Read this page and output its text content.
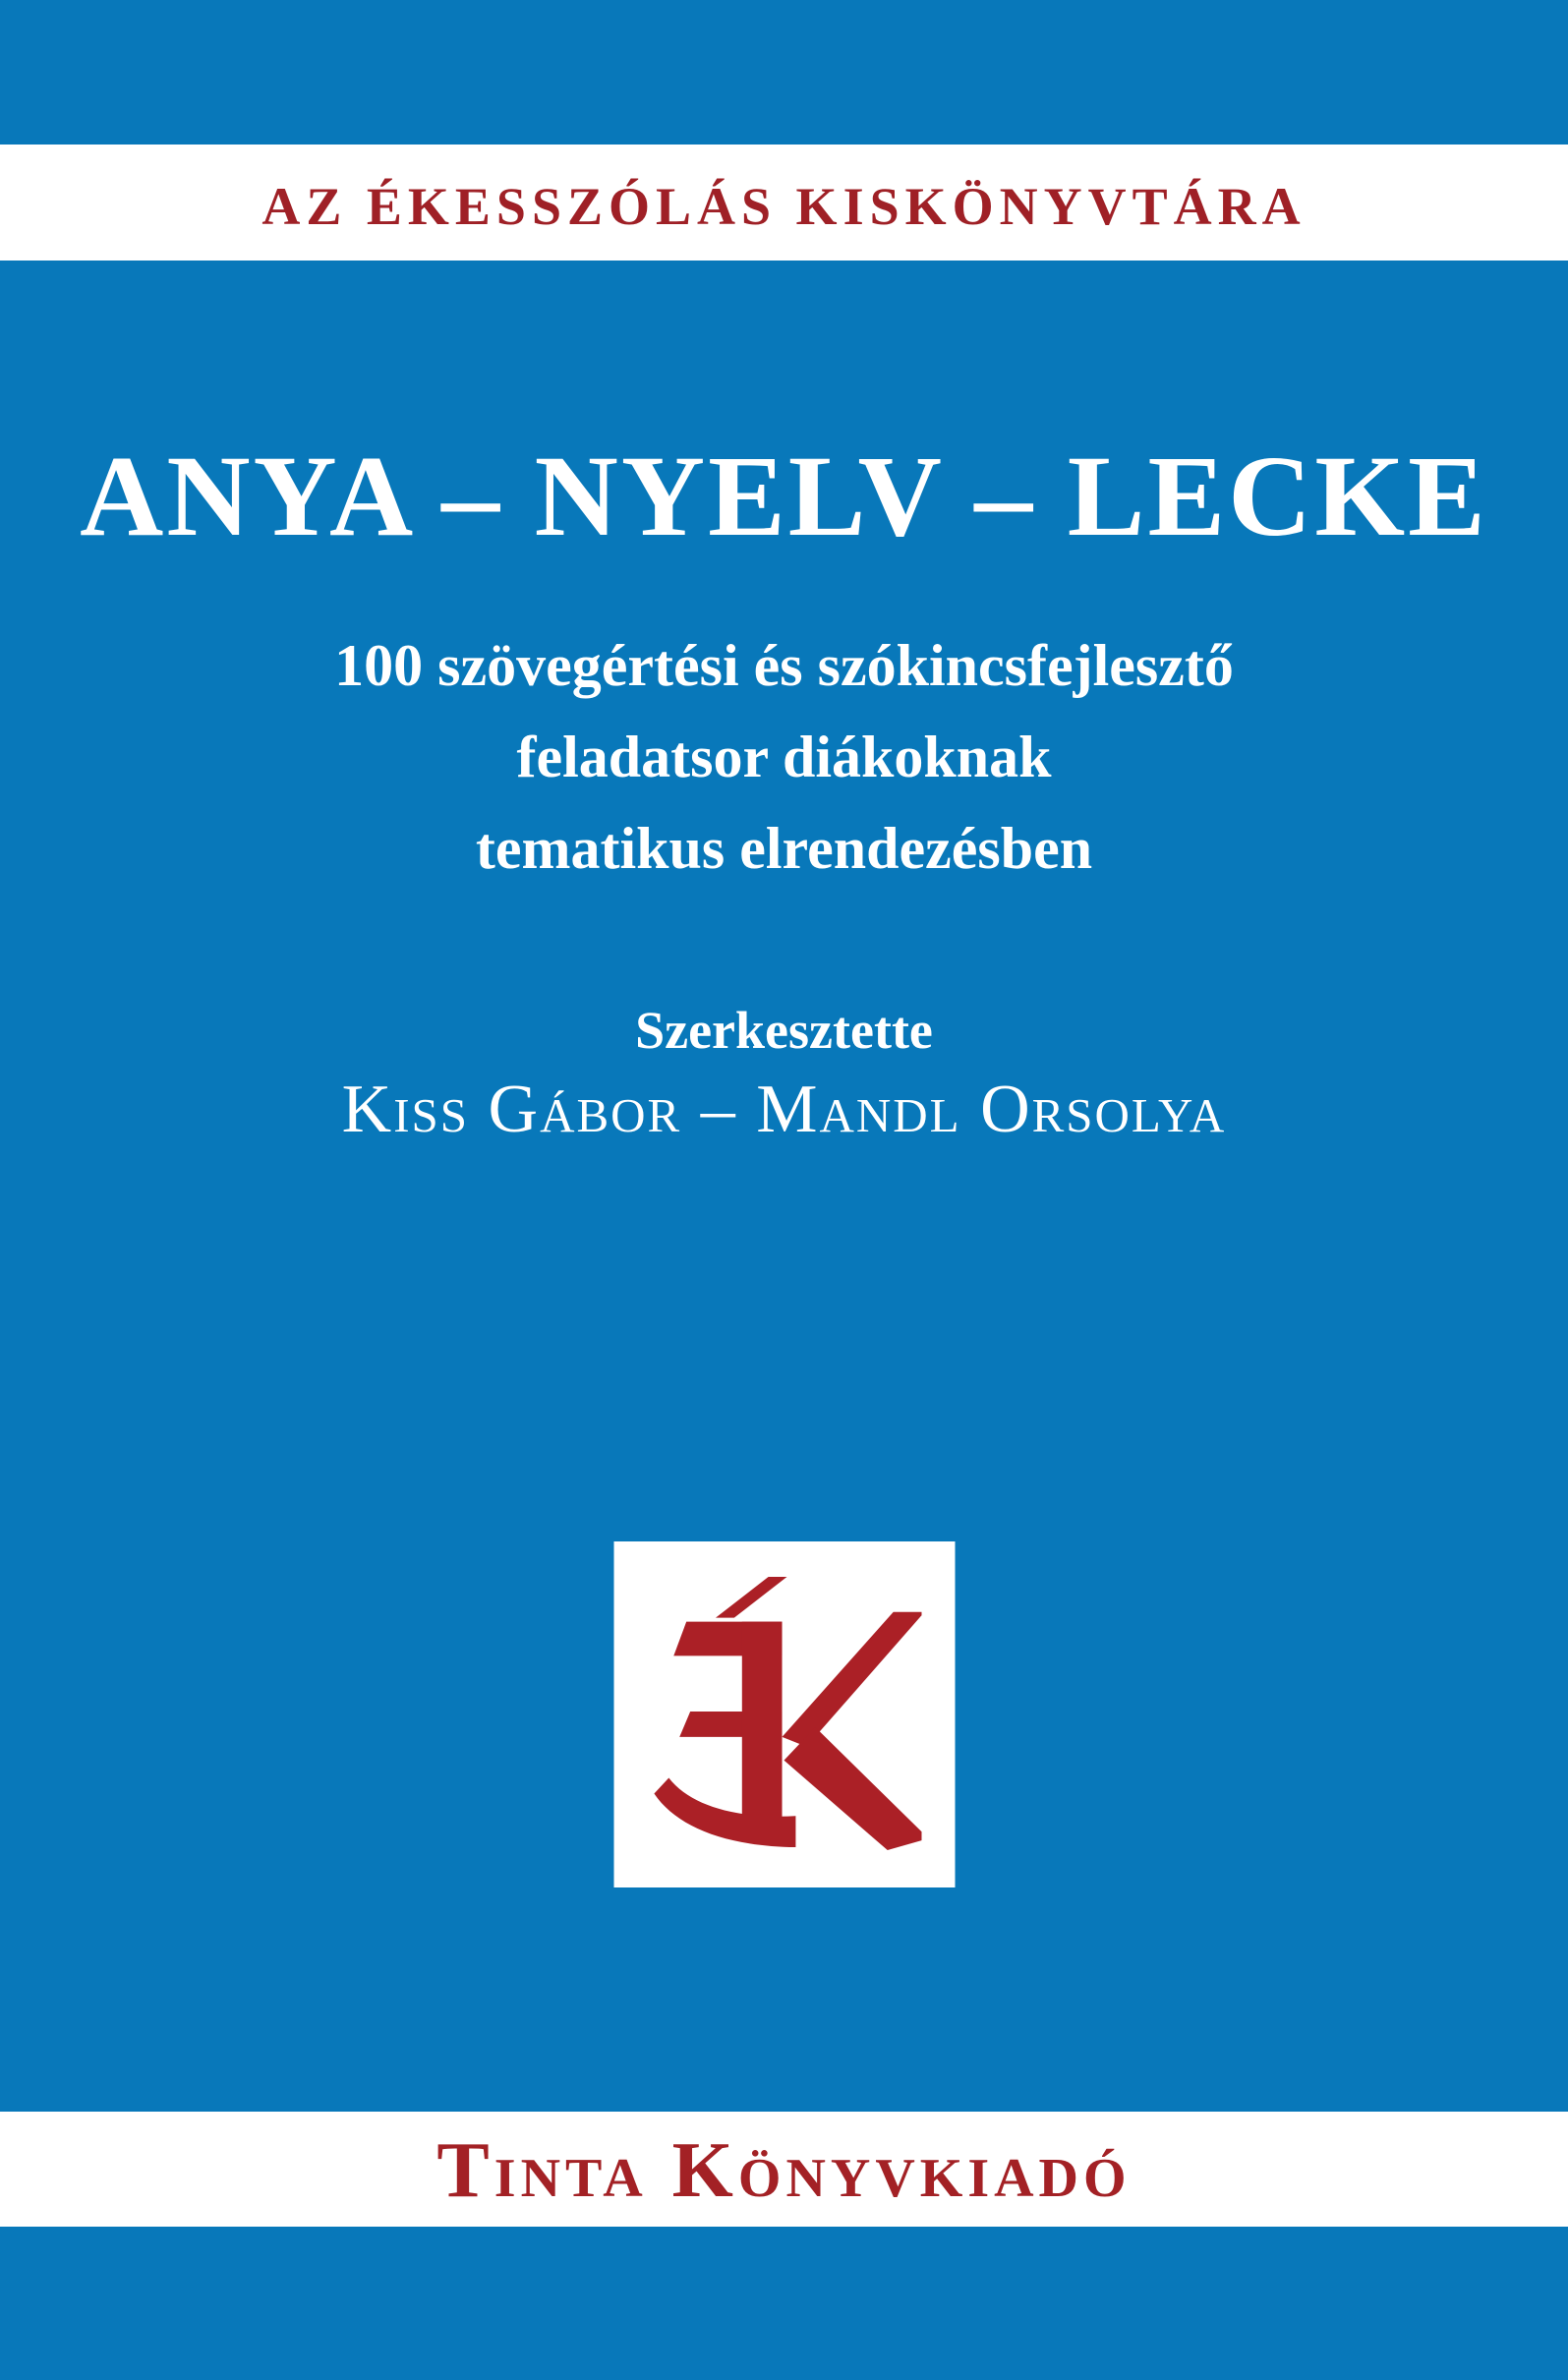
AZ ÉKESSZÓLÁS KISKÖNYVTÁRA
ANYA – NYELV – LECKE
100 szövegértési és szókincsfejlesztő
feladatsor diákoknak
tematikus elrendezésben
Szerkesztette
Kiss Gábor – Mandl Orsolya
Tinta Könyvkiadó
